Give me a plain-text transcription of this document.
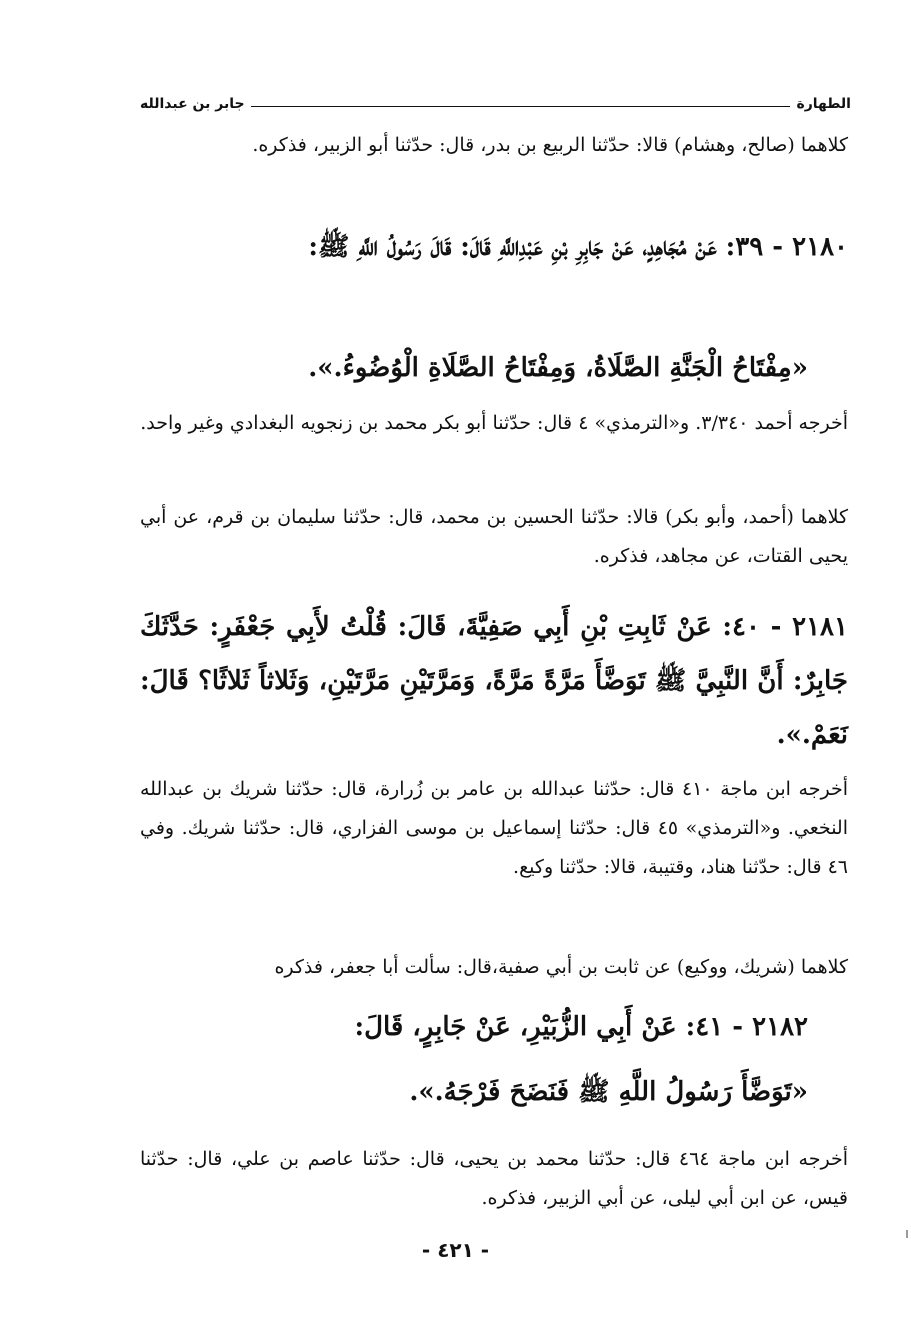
الطهارة
جابر بن عبدالله

كلاهما (صالح، وهشام) قالا: حدّثنا الربيع بن بدر، قال: حدّثنا أبو الزبير، فذكره.

٢١٨٠ - ٣٩: عَنْ مُجَاهِدٍ، عَنْ جَابِرِ بْنِ عَبْدِاللَّهِ قَالَ: قَالَ رَسُولُ اللَّهِ ﷺ:

«مِفْتَاحُ الْجَنَّةِ الصَّلَاةُ، وَمِفْتَاحُ الصَّلَاةِ الْوُضُوءُ.».

أخرجه أحمد ٣/٣٤٠. و«الترمذي» ٤ قال: حدّثنا أبو بكر محمد بن زنجويه البغدادي وغير واحد.

كلاهما (أحمد، وأبو بكر) قالا: حدّثنا الحسين بن محمد، قال: حدّثنا سليمان بن قرم، عن أبي يحيى القتات، عن مجاهد، فذكره.

٢١٨١ - ٤٠: عَنْ ثَابِتِ بْنِ أَبِي صَفِيَّةَ، قَالَ: قُلْتُ لأَبِي جَعْفَرٍ: حَدَّثَكَ جَابِرٌ: أَنَّ النَّبِيَّ ﷺ تَوَضَّأَ مَرَّةً مَرَّةً، وَمَرَّتَيْنِ مَرَّتَيْنِ، وَثَلاثاً ثَلاثًا؟ قَالَ: نَعَمْ.».

أخرجه ابن ماجة ٤١٠ قال: حدّثنا عبدالله بن عامر بن زُرارة، قال: حدّثنا شريك بن عبدالله النخعي. و«الترمذي» ٤٥ قال: حدّثنا إسماعيل بن موسى الفزاري، قال: حدّثنا شريك. وفي ٤٦ قال: حدّثنا هناد، وقتيبة، قالا: حدّثنا وكيع.

كلاهما (شريك، ووكيع) عن ثابت بن أبي صفية،قال: سألت أبا جعفر، فذكره

٢١٨٢ - ٤١: عَنْ أَبِي الزُّبَيْرِ، عَنْ جَابِرٍ، قَالَ:

«تَوَضَّأَ رَسُولُ اللَّهِ ﷺ فَنَضَحَ فَرْجَهُ.».

أخرجه ابن ماجة ٤٦٤ قال: حدّثنا محمد بن يحيى، قال: حدّثنا عاصم بن علي، قال: حدّثنا قيس، عن ابن أبي ليلى، عن أبي الزبير، فذكره.

- ٤٢١ -
